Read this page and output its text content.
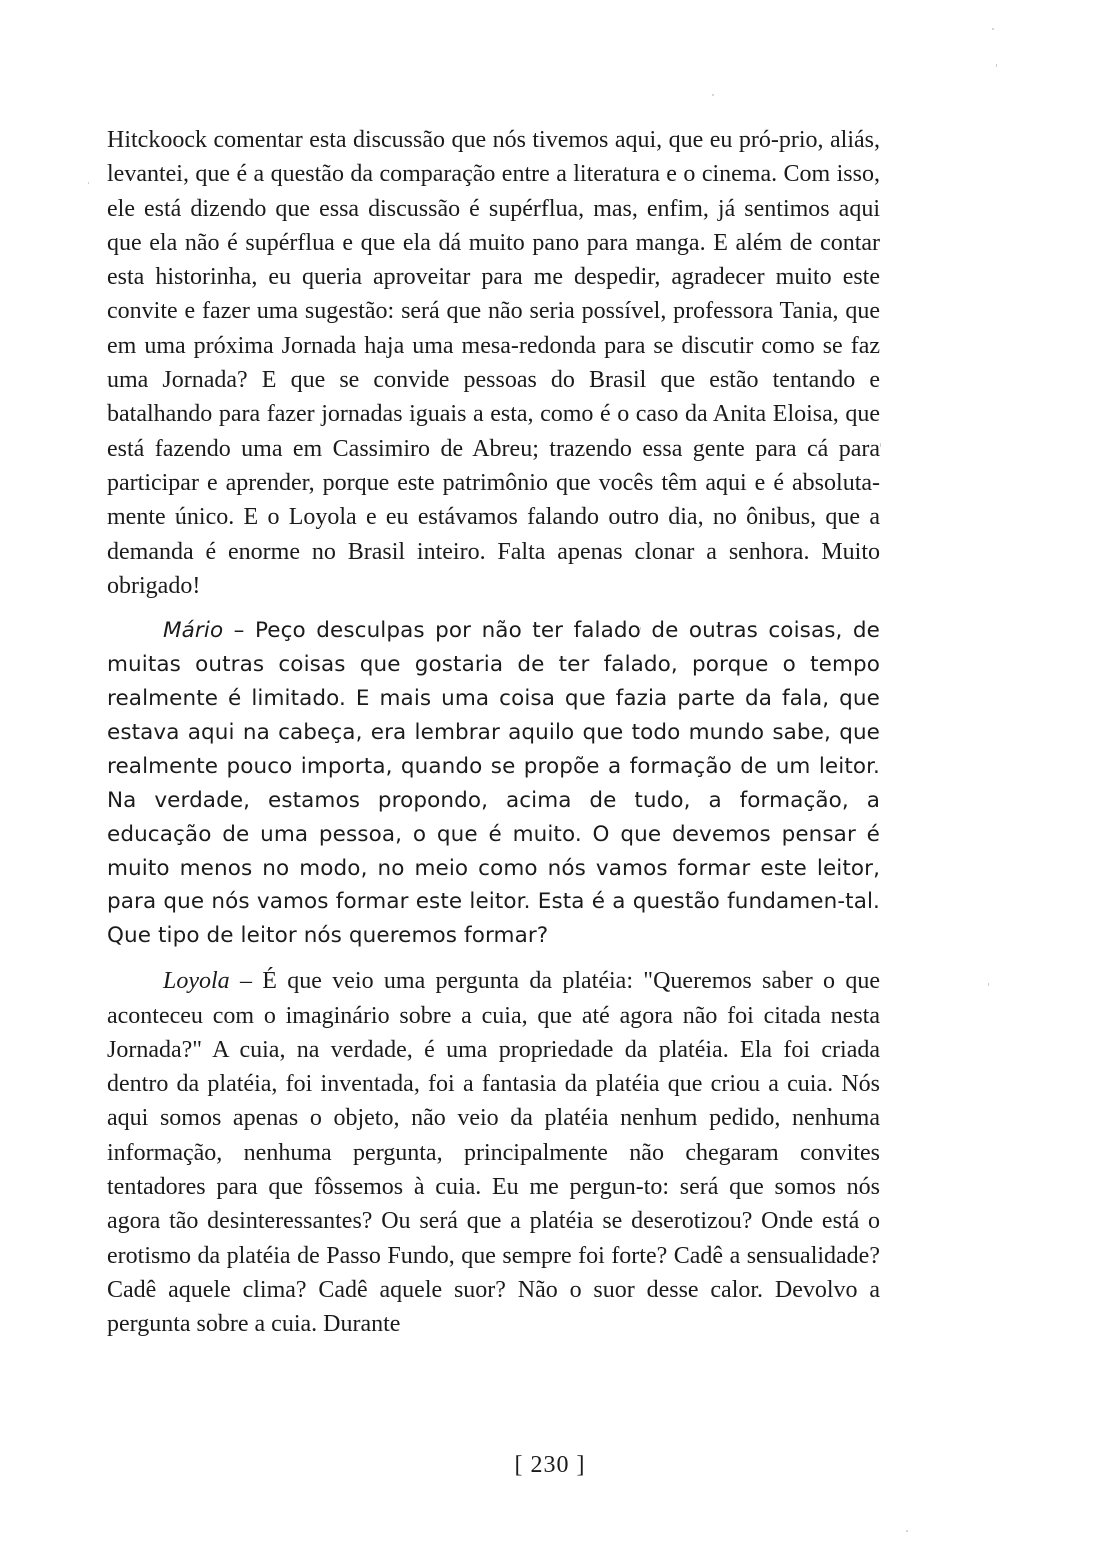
Hitckoock comentar esta discussão que nós tivemos aqui, que eu pró-prio, aliás, levantei, que é a questão da comparação entre a literatura e o cinema. Com isso, ele está dizendo que essa discussão é supérflua, mas, enfim, já sentimos aqui que ela não é supérflua e que ela dá muito pano para manga. E além de contar esta historinha, eu queria aproveitar para me despedir, agradecer muito este convite e fazer uma sugestão: será que não seria possível, professora Tania, que em uma próxima Jornada haja uma mesa-redonda para se discutir como se faz uma Jornada? E que se convide pessoas do Brasil que estão tentando e batalhando para fazer jornadas iguais a esta, como é o caso da Anita Eloisa, que está fazendo uma em Cassimiro de Abreu; trazendo essa gente para cá para participar e aprender, porque este patrimônio que vocês têm aqui e é absoluta-mente único. E o Loyola e eu estávamos falando outro dia, no ônibus, que a demanda é enorme no Brasil inteiro. Falta apenas clonar a senhora. Muito obrigado!

Mário – Peço desculpas por não ter falado de outras coisas, de muitas outras coisas que gostaria de ter falado, porque o tempo realmente é limitado. E mais uma coisa que fazia parte da fala, que estava aqui na cabeça, era lembrar aquilo que todo mundo sabe, que realmente pouco importa, quando se propõe a formação de um leitor. Na verdade, estamos propondo, acima de tudo, a formação, a educação de uma pessoa, o que é muito. O que devemos pensar é muito menos no modo, no meio como nós vamos formar este leitor, para que nós vamos formar este leitor. Esta é a questão fundamen-tal. Que tipo de leitor nós queremos formar?

Loyola – É que veio uma pergunta da platéia: "Queremos saber o que aconteceu com o imaginário sobre a cuia, que até agora não foi citada nesta Jornada?" A cuia, na verdade, é uma propriedade da platéia. Ela foi criada dentro da platéia, foi inventada, foi a fantasia da platéia que criou a cuia. Nós aqui somos apenas o objeto, não veio da platéia nenhum pedido, nenhuma informação, nenhuma pergunta, principalmente não chegaram convites tentadores para que fôssemos à cuia. Eu me pergun-to: será que somos nós agora tão desinteressantes? Ou será que a platéia se deserotizou? Onde está o erotismo da platéia de Passo Fundo, que sempre foi forte? Cadê a sensualidade? Cadê aquele clima? Cadê aquele suor? Não o suor desse calor. Devolvo a pergunta sobre a cuia. Durante

[ 230 ]
